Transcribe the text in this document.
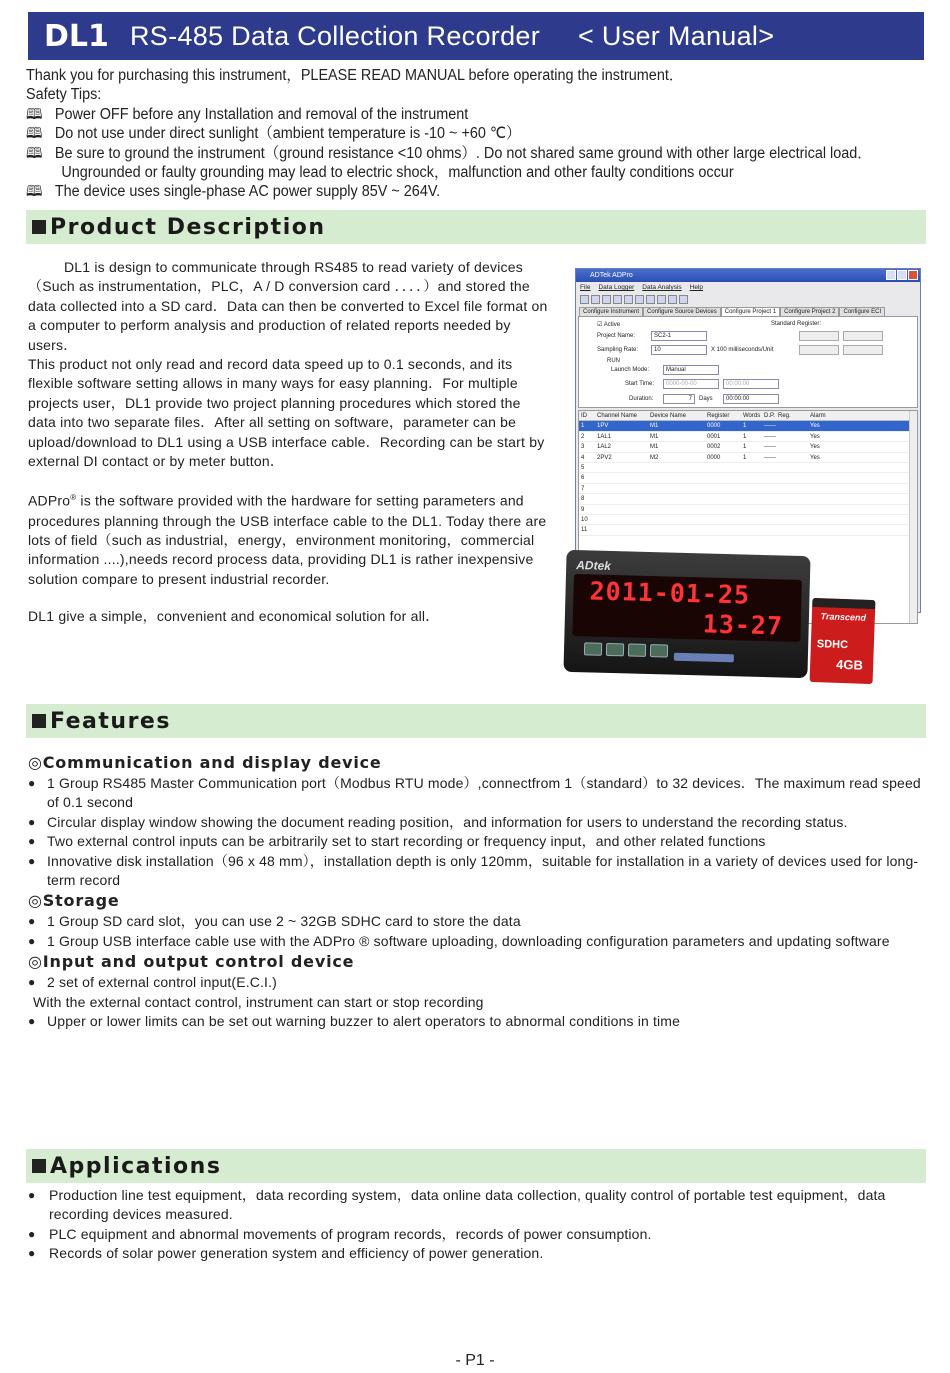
DL1 RS-485 Data Collection Recorder < User Manual>
Thank you for purchasing this instrument，PLEASE READ MANUAL before operating the instrument．
Safety Tips:
🕮 Power OFF before any Installation and removal of the instrument
🕮 Do not use under direct sunlight（ambient temperature is -10 ~ +60 ℃）
🕮 Be sure to ground the instrument（ground resistance <10 ohms）. Do not shared same ground with other large electrical load．
Ungrounded or faulty grounding may lead to electric shock，malfunction and other faulty conditions occur
🕮 The device uses single-phase AC power supply 85V ~ 264V.
Product Description

DL1 is design to communicate through RS485 to read variety of devices（Such as instrumentation，PLC，A / D conversion card ．．．．）and stored the data collected into a SD card．Data can then be converted to Excel file format on a computer to perform analysis and production of related reports needed by users．

This product not only read and record data speed up to 0.1 seconds, and its flexible software setting allows in many ways for easy planning．For multiple projects user，DL1 provide two project planning procedures which stored the data into two separate files．After all setting on software，parameter can be upload/download to DL1 using a USB interface cable．Recording can be start by external DI contact or by meter button．

ADPro® is the software provided with the hardware for setting parameters and procedures planning through the USB interface cable to the DL1. Today there are lots of field（such as industrial，energy，environment monitoring，commercial information ....),needs record process data, providing DL1 is rather inexpensive solution compare to present industrial recorder.

DL1 give a simple，convenient and economical solution for all．

ADTek ADPro
File Data Logger Data Analysis Help
Configure Instrument	Configure Source Devices	Configure Project 1	Configure Project 2	Configure ECI
☑ Active	Standard Register:
Project Name:	SC2-1
Sampling Rate:	10	X 100 milliseconds/Unit
RUN
Launch Mode:	Manual
Start Time:	0000-00-00	00:00:00
Duration:	7	Days	00:00:00
ID	Channel Name	Device Name	Register	Words D.P. Reg.	Alarm
1	1PV	M1	0000	1	------	Yes
2	1AL1	M1	0001	1	------	Yes
3	1AL2	M1	0002	1	------	Yes
4	2PV2	M2	0000	1	------	Yes
5
6
7
8
9
10
11
ADtek
2011-01-25
13-27	Transcend
SDHC
4GB
Features
◎Communication and display device
● 1 Group RS485 Master Communication port（Modbus RTU mode）,connectfrom 1（standard）to 32 devices．The maximum read speed of 0.1 second
● Circular display window showing the document reading position，and information for users to understand the recording status.
● Two external control inputs can be arbitrarily set to start recording or frequency input，and other related functions
● Innovative disk installation（96 x 48 mm），installation depth is only 120mm，suitable for installation in a variety of devices used for long-term record
◎Storage
● 1 Group SD card slot，you can use 2 ~ 32GB SDHC card to store the data
● 1 Group USB interface cable use with the ADPro ® software uploading, downloading configuration parameters and updating software
◎Input and output control device
● 2 set of external control input(E.C.I.)
With the external contact control, instrument can start or stop recording
● Upper or lower limits can be set out warning buzzer to alert operators to abnormal conditions in time
Applications
● Production line test equipment，data recording system，data online data collection, quality control of portable test equipment，data recording devices measured.
● PLC equipment and abnormal movements of program records，records of power consumption.
● Records of solar power generation system and efficiency of power generation.
- P1 -
